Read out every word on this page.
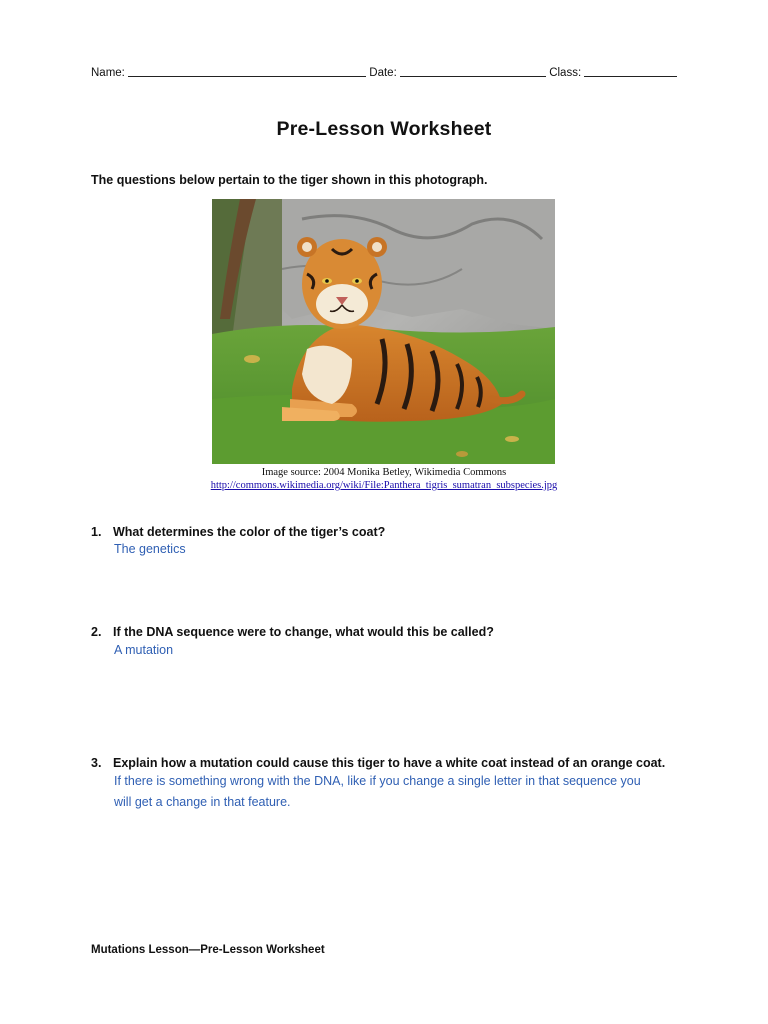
Name:	Date:	Class:
Pre-Lesson Worksheet
The questions below pertain to the tiger shown in this photograph.
Image source: 2004 Monika Betley, Wikimedia Commons
http://commons.wikimedia.org/wiki/File:Panthera_tigris_sumatran_subspecies.jpg
1. What determines the color of the tiger’s coat?
The genetics
2. If the DNA sequence were to change, what would this be called?
A mutation
3. Explain how a mutation could cause this tiger to have a white coat instead of an orange coat.
If there is something wrong with the DNA, like if you change a single letter in that sequence you will get a change in that feature.
Mutations Lesson—Pre-Lesson Worksheet
